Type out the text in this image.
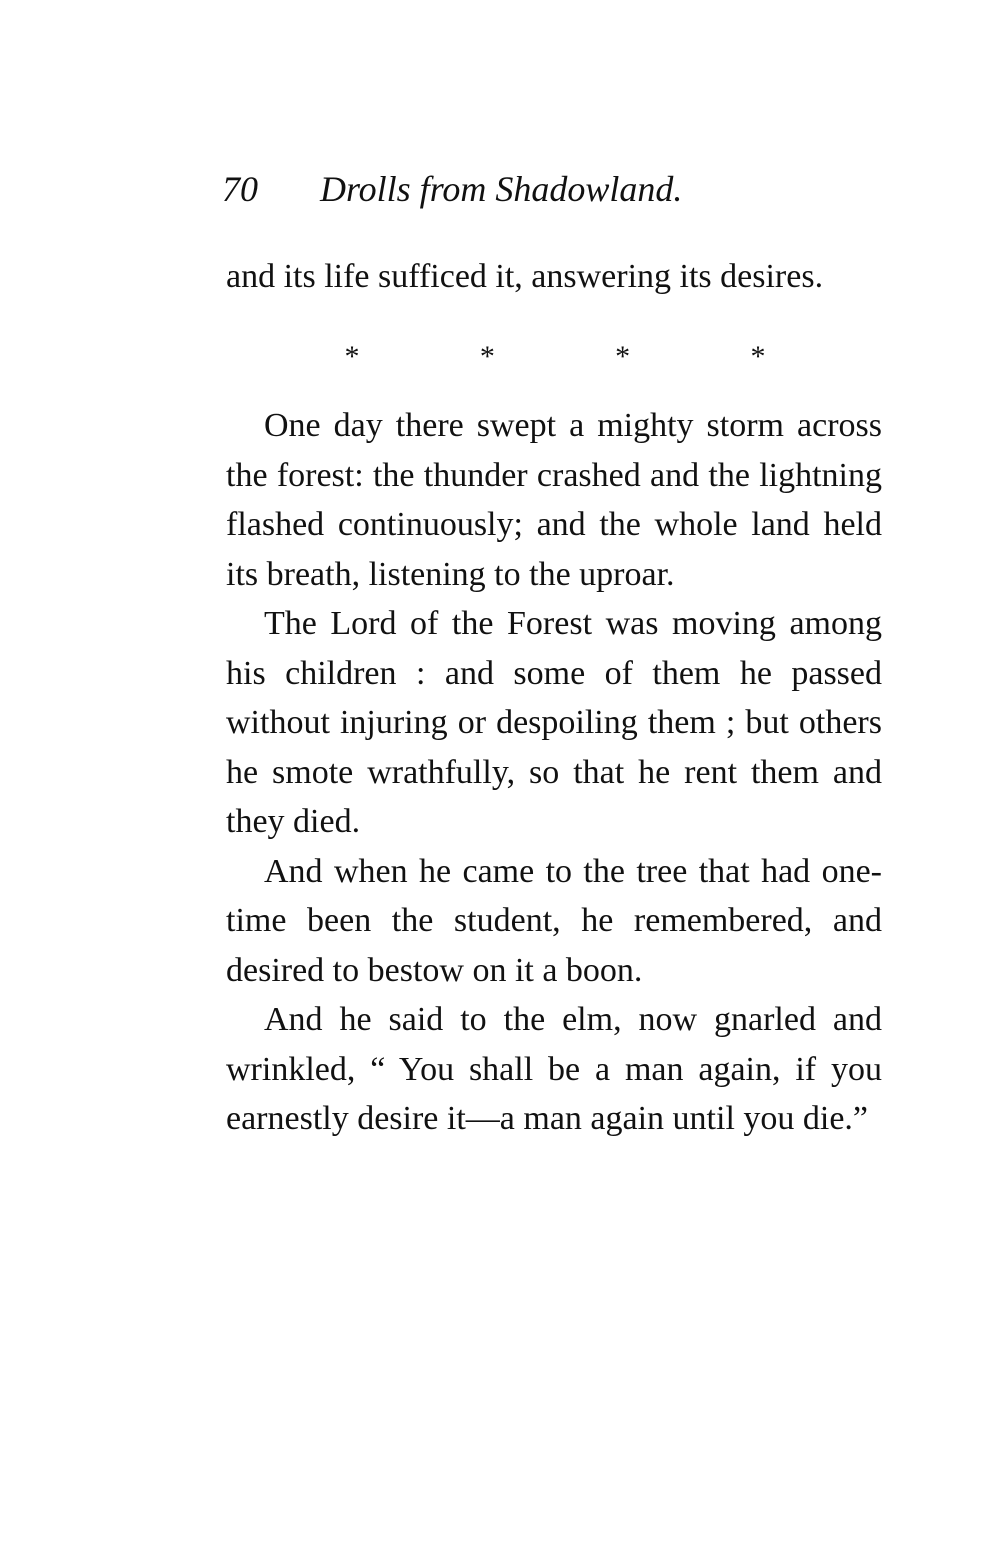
70 Drolls from Shadowland.

and its life sufficed it, answering its desires.

*	*	*	*

One day there swept a mighty storm across the forest: the thunder crashed and the lightning flashed continuously; and the whole land held its breath, listening to the uproar.

The Lord of the Forest was moving among his children : and some of them he passed without injuring or despoiling them ; but others he smote wrathfully, so that he rent them and they died.

And when he came to the tree that had one-time been the student, he remembered, and desired to bestow on it a boon.

And he said to the elm, now gnarled and wrinkled, “ You shall be a man again, if you earnestly desire it—a man again until you die.”
